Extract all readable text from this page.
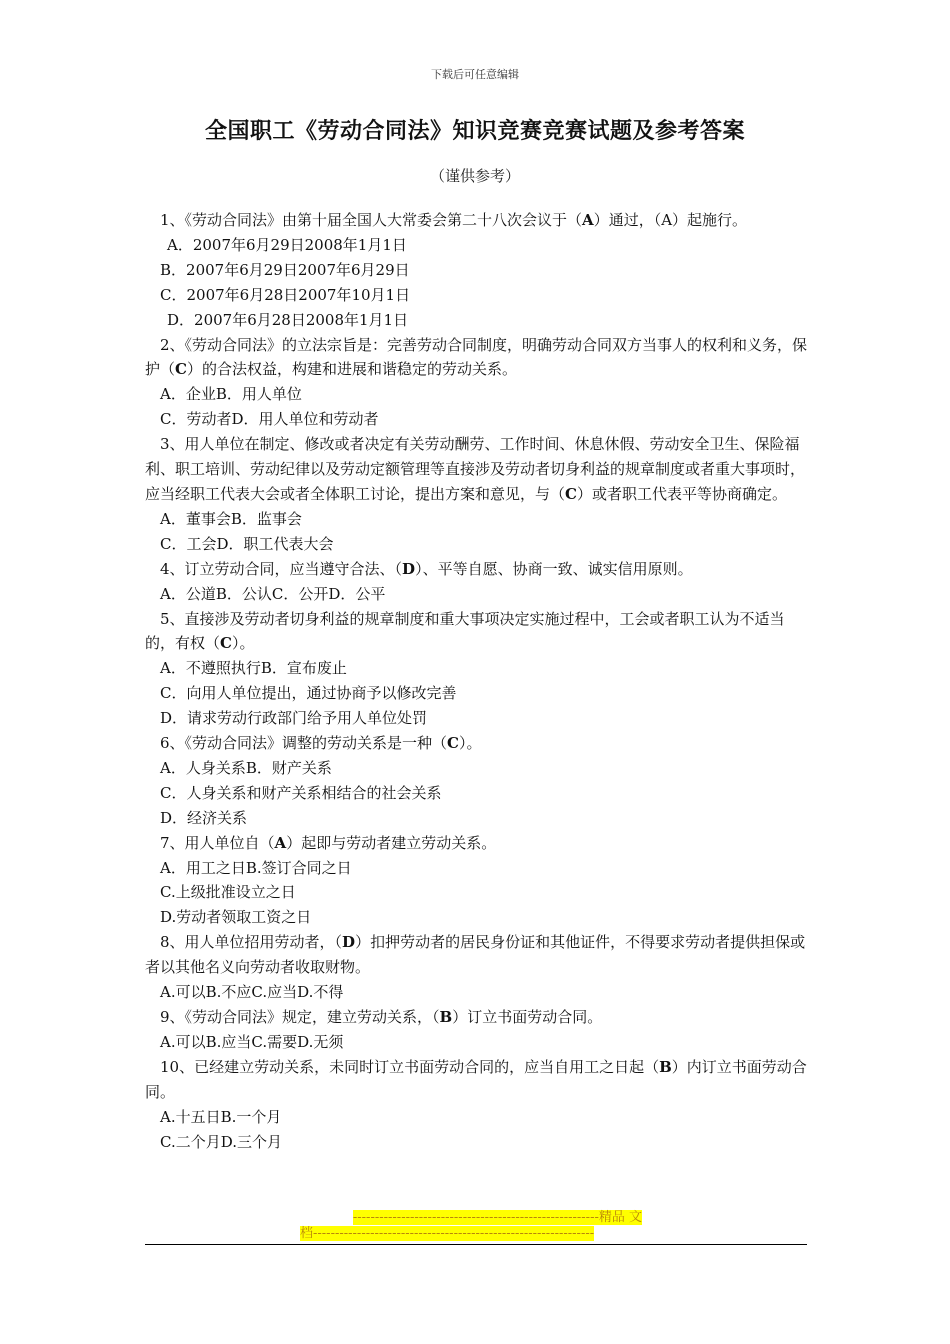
下载后可任意编辑
全国职工《劳动合同法》知识竞赛竞赛试题及参考答案
（谨供参考）

1、《劳动合同法》由第十届全国人大常委会第二十八次会议于（A）通过，（A）起施行。

A．2007年6月29日2008年1月1日

B．2007年6月29日2007年6月29日

C．2007年6月28日2007年10月1日

D．2007年6月28日2008年1月1日

2、《劳动合同法》的立法宗旨是：完善劳动合同制度，明确劳动合同双方当事人的权利和义务，保护（C）的合法权益，构建和进展和谐稳定的劳动关系。

A．企业B．用人单位

C．劳动者D．用人单位和劳动者

3、用人单位在制定、修改或者决定有关劳动酬劳、工作时间、休息休假、劳动安全卫生、保险福利、职工培训、劳动纪律以及劳动定额管理等直接涉及劳动者切身利益的规章制度或者重大事项时，应当经职工代表大会或者全体职工讨论，提出方案和意见，与（C）或者职工代表平等协商确定。

A．董事会B．监事会

C．工会D．职工代表大会

4、订立劳动合同，应当遵守合法、（D）、平等自愿、协商一致、诚实信用原则。

A．公道B．公认C．公开D．公平

5、直接涉及劳动者切身利益的规章制度和重大事项决定实施过程中，工会或者职工认为不适当的，有权（C）。

A．不遵照执行B．宣布废止

C．向用人单位提出，通过协商予以修改完善

D．请求劳动行政部门给予用人单位处罚

6、《劳动合同法》调整的劳动关系是一种（C）。

A．人身关系B．财产关系

C．人身关系和财产关系相结合的社会关系

D．经济关系

7、用人单位自（A）起即与劳动者建立劳动关系。

A．用工之日B.签订合同之日

C.上级批准设立之日

D.劳动者领取工资之日

8、用人单位招用劳动者，（D）扣押劳动者的居民身份证和其他证件，不得要求劳动者提供担保或者以其他名义向劳动者收取财物。

A.可以B.不应C.应当D.不得

9、《劳动合同法》规定，建立劳动关系，（B）订立书面劳动合同。

A.可以B.应当C.需要D.无须

10、已经建立劳动关系，未同时订立书面劳动合同的，应当自用工之日起（B）内订立书面劳动合同。

A.十五日B.一个月

C.二个月D.三个月

--------------------------------------------------------精品 文
档----------------------------------------------------------------
